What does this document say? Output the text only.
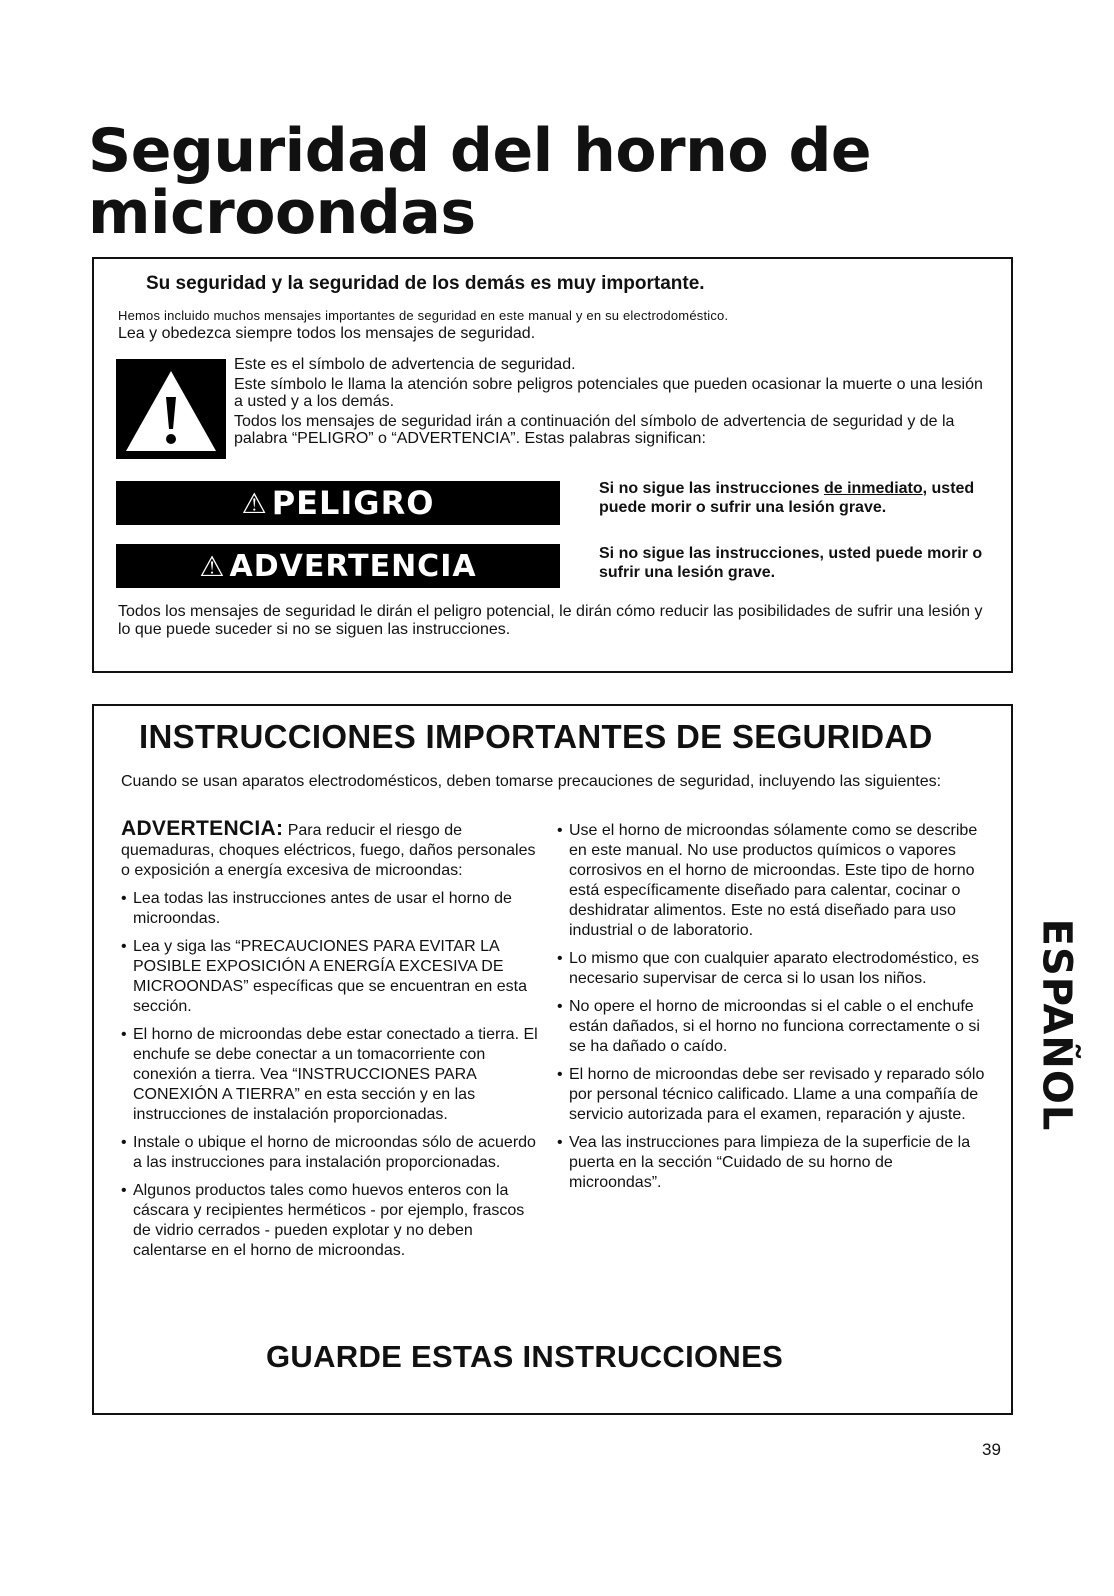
Seguridad del horno de microondas
Su seguridad y la seguridad de los demás es muy importante.

Hemos incluido muchos mensajes importantes de seguridad en este manual y en su electrodoméstico.
Lea y obedezca siempre todos los mensajes de seguridad.

Este es el símbolo de advertencia de seguridad.

Este símbolo le llama la atención sobre peligros potenciales que pueden ocasionar la muerte o una lesión a usted y a los demás.

Todos los mensajes de seguridad irán a continuación del símbolo de advertencia de seguridad y de la palabra “PELIGRO” o “ADVERTENCIA”. Estas palabras significan:

⚠ PELIGRO	Si no sigue las instrucciones de inmediato, usted puede morir o sufrir una lesión grave.

⚠ ADVERTENCIA	Si no sigue las instrucciones, usted puede morir o sufrir una lesión grave.

Todos los mensajes de seguridad le dirán el peligro potencial, le dirán cómo reducir las posibilidades de sufrir una lesión y lo que puede suceder si no se siguen las instrucciones.

INSTRUCCIONES IMPORTANTES DE SEGURIDAD

Cuando se usan aparatos electrodomésticos, deben tomarse precauciones de seguridad, incluyendo las siguientes:

ADVERTENCIA: Para reducir el riesgo de quemaduras, choques eléctricos, fuego, daños personales o exposición a energía excesiva de microondas:

• Lea todas las instrucciones antes de usar el horno de microondas.
• Lea y siga las “PRECAUCIONES PARA EVITAR LA POSIBLE EXPOSICIÓN A ENERGÍA EXCESIVA DE MICROONDAS” específicas que se encuentran en esta sección.
• El horno de microondas debe estar conectado a tierra. El enchufe se debe conectar a un tomacorriente con conexión a tierra. Vea “INSTRUCCIONES PARA CONEXIÓN A TIERRA” en esta sección y en las instrucciones de instalación proporcionadas.
• Instale o ubique el horno de microondas sólo de acuerdo a las instrucciones para instalación proporcionadas.
• Algunos productos tales como huevos enteros con la cáscara y recipientes herméticos - por ejemplo, frascos de vidrio cerrados - pueden explotar y no deben calentarse en el horno de microondas.
• Use el horno de microondas sólamente como se describe en este manual. No use productos químicos o vapores corrosivos en el horno de microondas. Este tipo de horno está específicamente diseñado para calentar, cocinar o deshidratar alimentos. Este no está diseñado para uso industrial o de laboratorio.
• Lo mismo que con cualquier aparato electrodoméstico, es necesario supervisar de cerca si lo usan los niños.
• No opere el horno de microondas si el cable o el enchufe están dañados, si el horno no funciona correctamente o si se ha dañado o caído.
• El horno de microondas debe ser revisado y reparado sólo por personal técnico calificado. Llame a una compañía de servicio autorizada para el examen, reparación y ajuste.
• Vea las instrucciones para limpieza de la superficie de la puerta en la sección “Cuidado de su horno de microondas”.
GUARDE ESTAS INSTRUCCIONES
ESPAÑOL
39
